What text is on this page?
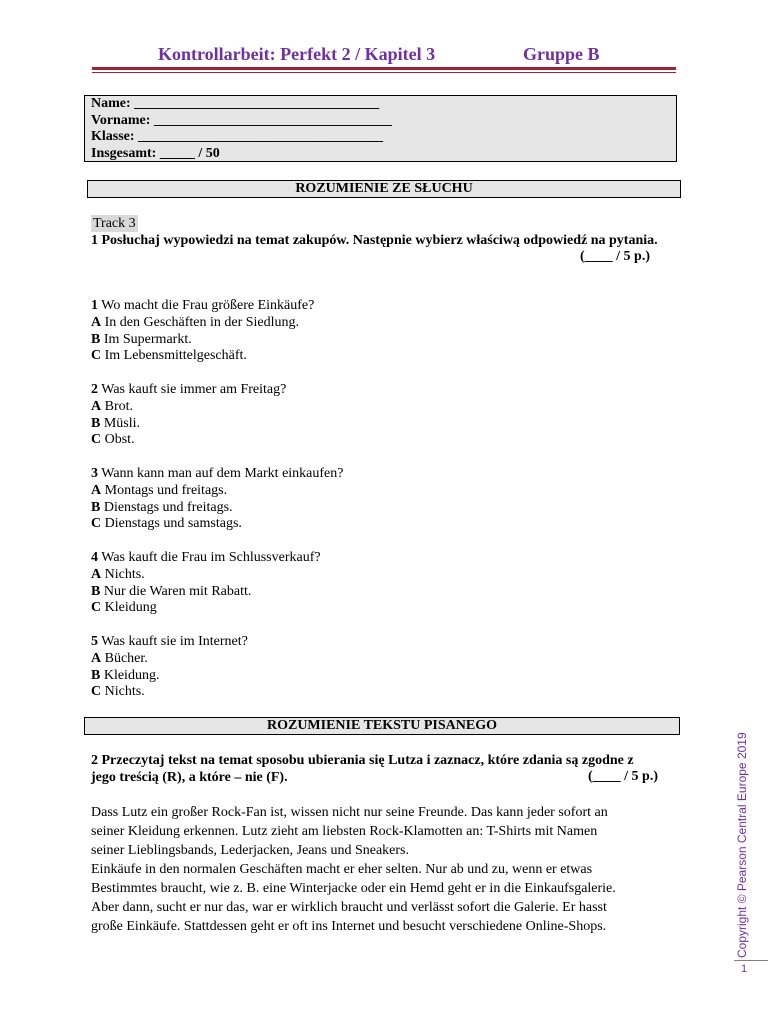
Kontrollarbeit: Perfekt 2 / Kapitel 3	Gruppe B
Name: ___________________________________
Vorname: __________________________________
Klasse: ___________________________________
Insgesamt: _____ / 50
ROZUMIENIE ZE SŁUCHU
Track 3
1 Posłuchaj wypowiedzi na temat zakupów. Następnie wybierz właściwą odpowiedź na pytania.
(____ / 5 p.)
1 Wo macht die Frau größere Einkäufe?
A In den Geschäften in der Siedlung.
B Im Supermarkt.
C Im Lebensmittelgeschäft.
2 Was kauft sie immer am Freitag?
A Brot.
B Müsli.
C Obst.
3 Wann kann man auf dem Markt einkaufen?
A Montags und freitags.
B Dienstags und freitags.
C Dienstags und samstags.
4 Was kauft die Frau im Schlussverkauf?
A Nichts.
B Nur die Waren mit Rabatt.
C Kleidung
5 Was kauft sie im Internet?
A Bücher.
B Kleidung.
C Nichts.
ROZUMIENIE TEKSTU PISANEGO
2 Przeczytaj tekst na temat sposobu ubierania się Lutza i zaznacz, które zdania są zgodne z jego treścią (R), a które – nie (F).	(____ / 5 p.)
Dass Lutz ein großer Rock-Fan ist, wissen nicht nur seine Freunde. Das kann jeder sofort an
seiner Kleidung erkennen. Lutz zieht am liebsten Rock-Klamotten an: T-Shirts mit Namen
seiner Lieblingsbands, Lederjacken, Jeans und Sneakers.
Einkäufe in den normalen Geschäften macht er eher selten. Nur ab und zu, wenn er etwas
Bestimmtes braucht, wie z. B. eine Winterjacke oder ein Hemd geht er in die Einkaufsgalerie.
Aber dann, sucht er nur das, war er wirklich braucht und verlässt sofort die Galerie. Er hasst
große Einkäufe. Stattdessen geht er oft ins Internet und besucht verschiedene Online-Shops.	Copyright © Pearson Central Europe 2019
1
